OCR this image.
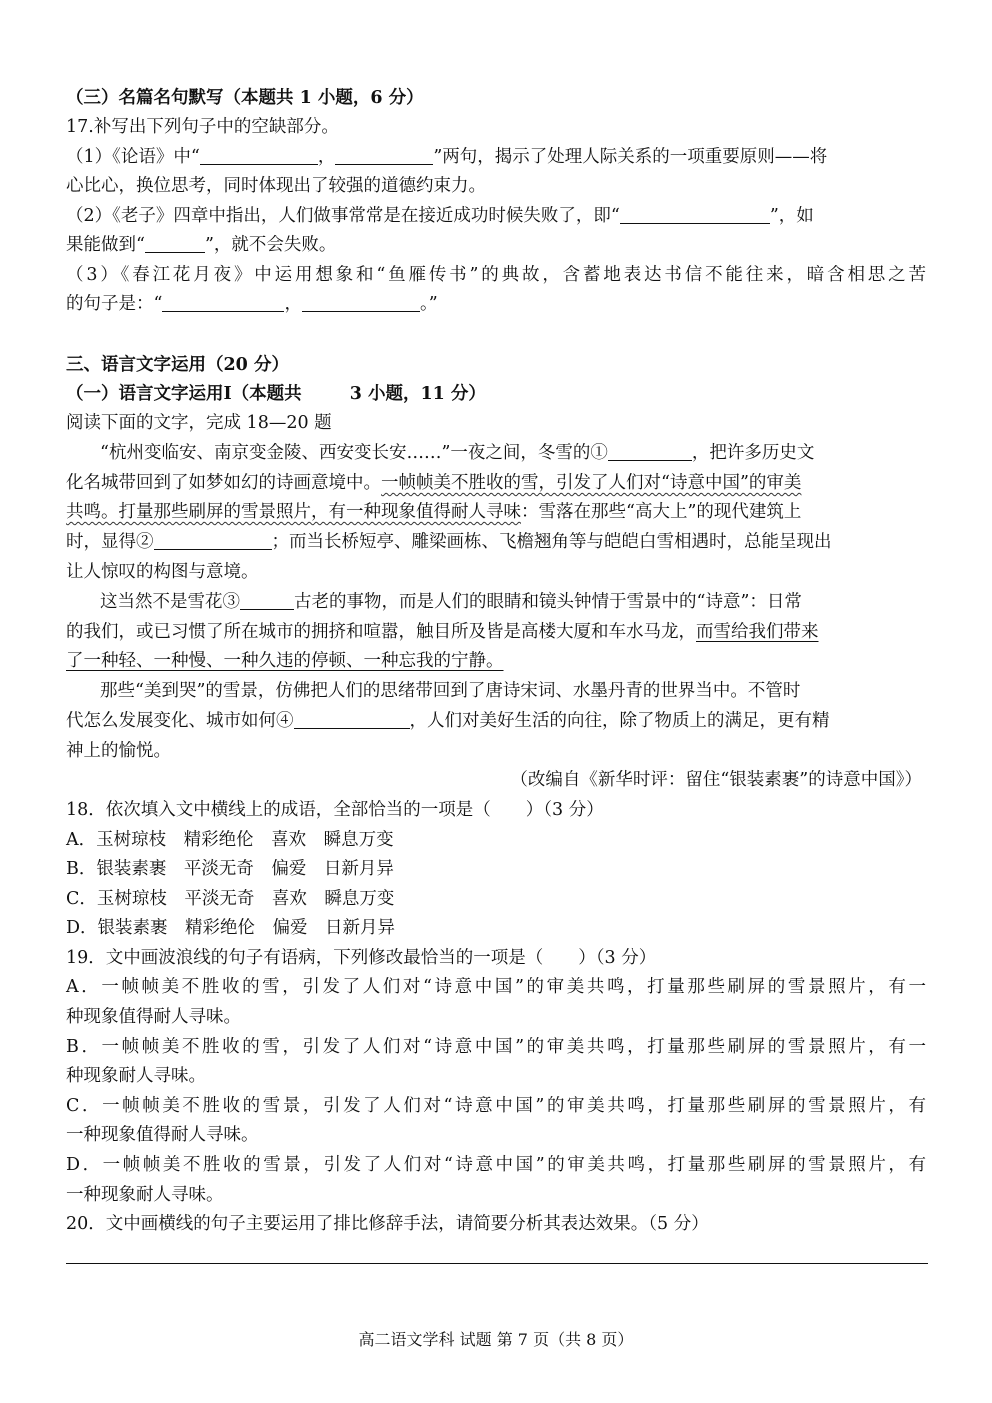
（三）名篇名句默写（本题共 1 小题，6 分）
17.补写出下列句子中的空缺部分。
（1）《论语》中“	，	”两句，揭示了处理人际关系的一项重要原则——将
心比心，换位思考，同时体现出了较强的道德约束力。
（2）《老子》四章中指出，人们做事常常是在接近成功时候失败了，即“	”，如
果能做到“	”，就不会失败。
（3）《春江花月夜》中运用想象和“鱼雁传书”的典故，含蓄地表达书信不能往来，暗含相思之苦
的句子是：“	，	。”
三、语言文字运用（20 分）
（一）语言文字运用Ⅰ（本题共	3 小题，11 分）
阅读下面的文字，完成 18—20 题
“杭州变临安、南京变金陵、西安变长安……”一夜之间，冬雪的①	，把许多历史文
化名城带回到了如梦如幻的诗画意境中。一帧帧美不胜收的雪，引发了人们对“诗意中国”的审美
共鸣。打量那些刷屏的雪景照片，有一种现象值得耐人寻味：雪落在那些“高大上”的现代建筑上
时，显得②	；而当长桥短亭、雕梁画栋、飞檐翘角等与皑皑白雪相遇时，总能呈现出
让人惊叹的构图与意境。
这当然不是雪花③	古老的事物，而是人们的眼睛和镜头钟情于雪景中的“诗意”：日常
的我们，或已习惯了所在城市的拥挤和喧嚣，触目所及皆是高楼大厦和车水马龙，而雪给我们带来
了一种轻、一种慢、一种久违的停顿、一种忘我的宁静。
那些“美到哭”的雪景，仿佛把人们的思绪带回到了唐诗宋词、水墨丹青的世界当中。不管时
代怎么发展变化、城市如何④	，人们对美好生活的向往，除了物质上的满足，更有精
神上的愉悦。
（改编自《新华时评：留住“银装素裹”的诗意中国》）
18．依次填入文中横线上的成语，全部恰当的一项是（　　）（3 分）
A．玉树琼枝　精彩绝伦　喜欢　瞬息万变
B．银装素裹　平淡无奇　偏爱　日新月异
C．玉树琼枝　平淡无奇　喜欢　瞬息万变
D．银装素裹　精彩绝伦　偏爱　日新月异
19．文中画波浪线的句子有语病，下列修改最恰当的一项是（　　）（3 分）
A．一帧帧美不胜收的雪，引发了人们对“诗意中国”的审美共鸣，打量那些刷屏的雪景照片，有一
种现象值得耐人寻味。
B．一帧帧美不胜收的雪，引发了人们对“诗意中国”的审美共鸣，打量那些刷屏的雪景照片，有一
种现象耐人寻味。
C．一帧帧美不胜收的雪景，引发了人们对“诗意中国”的审美共鸣，打量那些刷屏的雪景照片，有
一种现象值得耐人寻味。
D．一帧帧美不胜收的雪景，引发了人们对“诗意中国”的审美共鸣，打量那些刷屏的雪景照片，有
一种现象耐人寻味。
20．文中画横线的句子主要运用了排比修辞手法，请简要分析其表达效果。（5 分）
高二语文学科 试题 第 7 页（共 8 页）
